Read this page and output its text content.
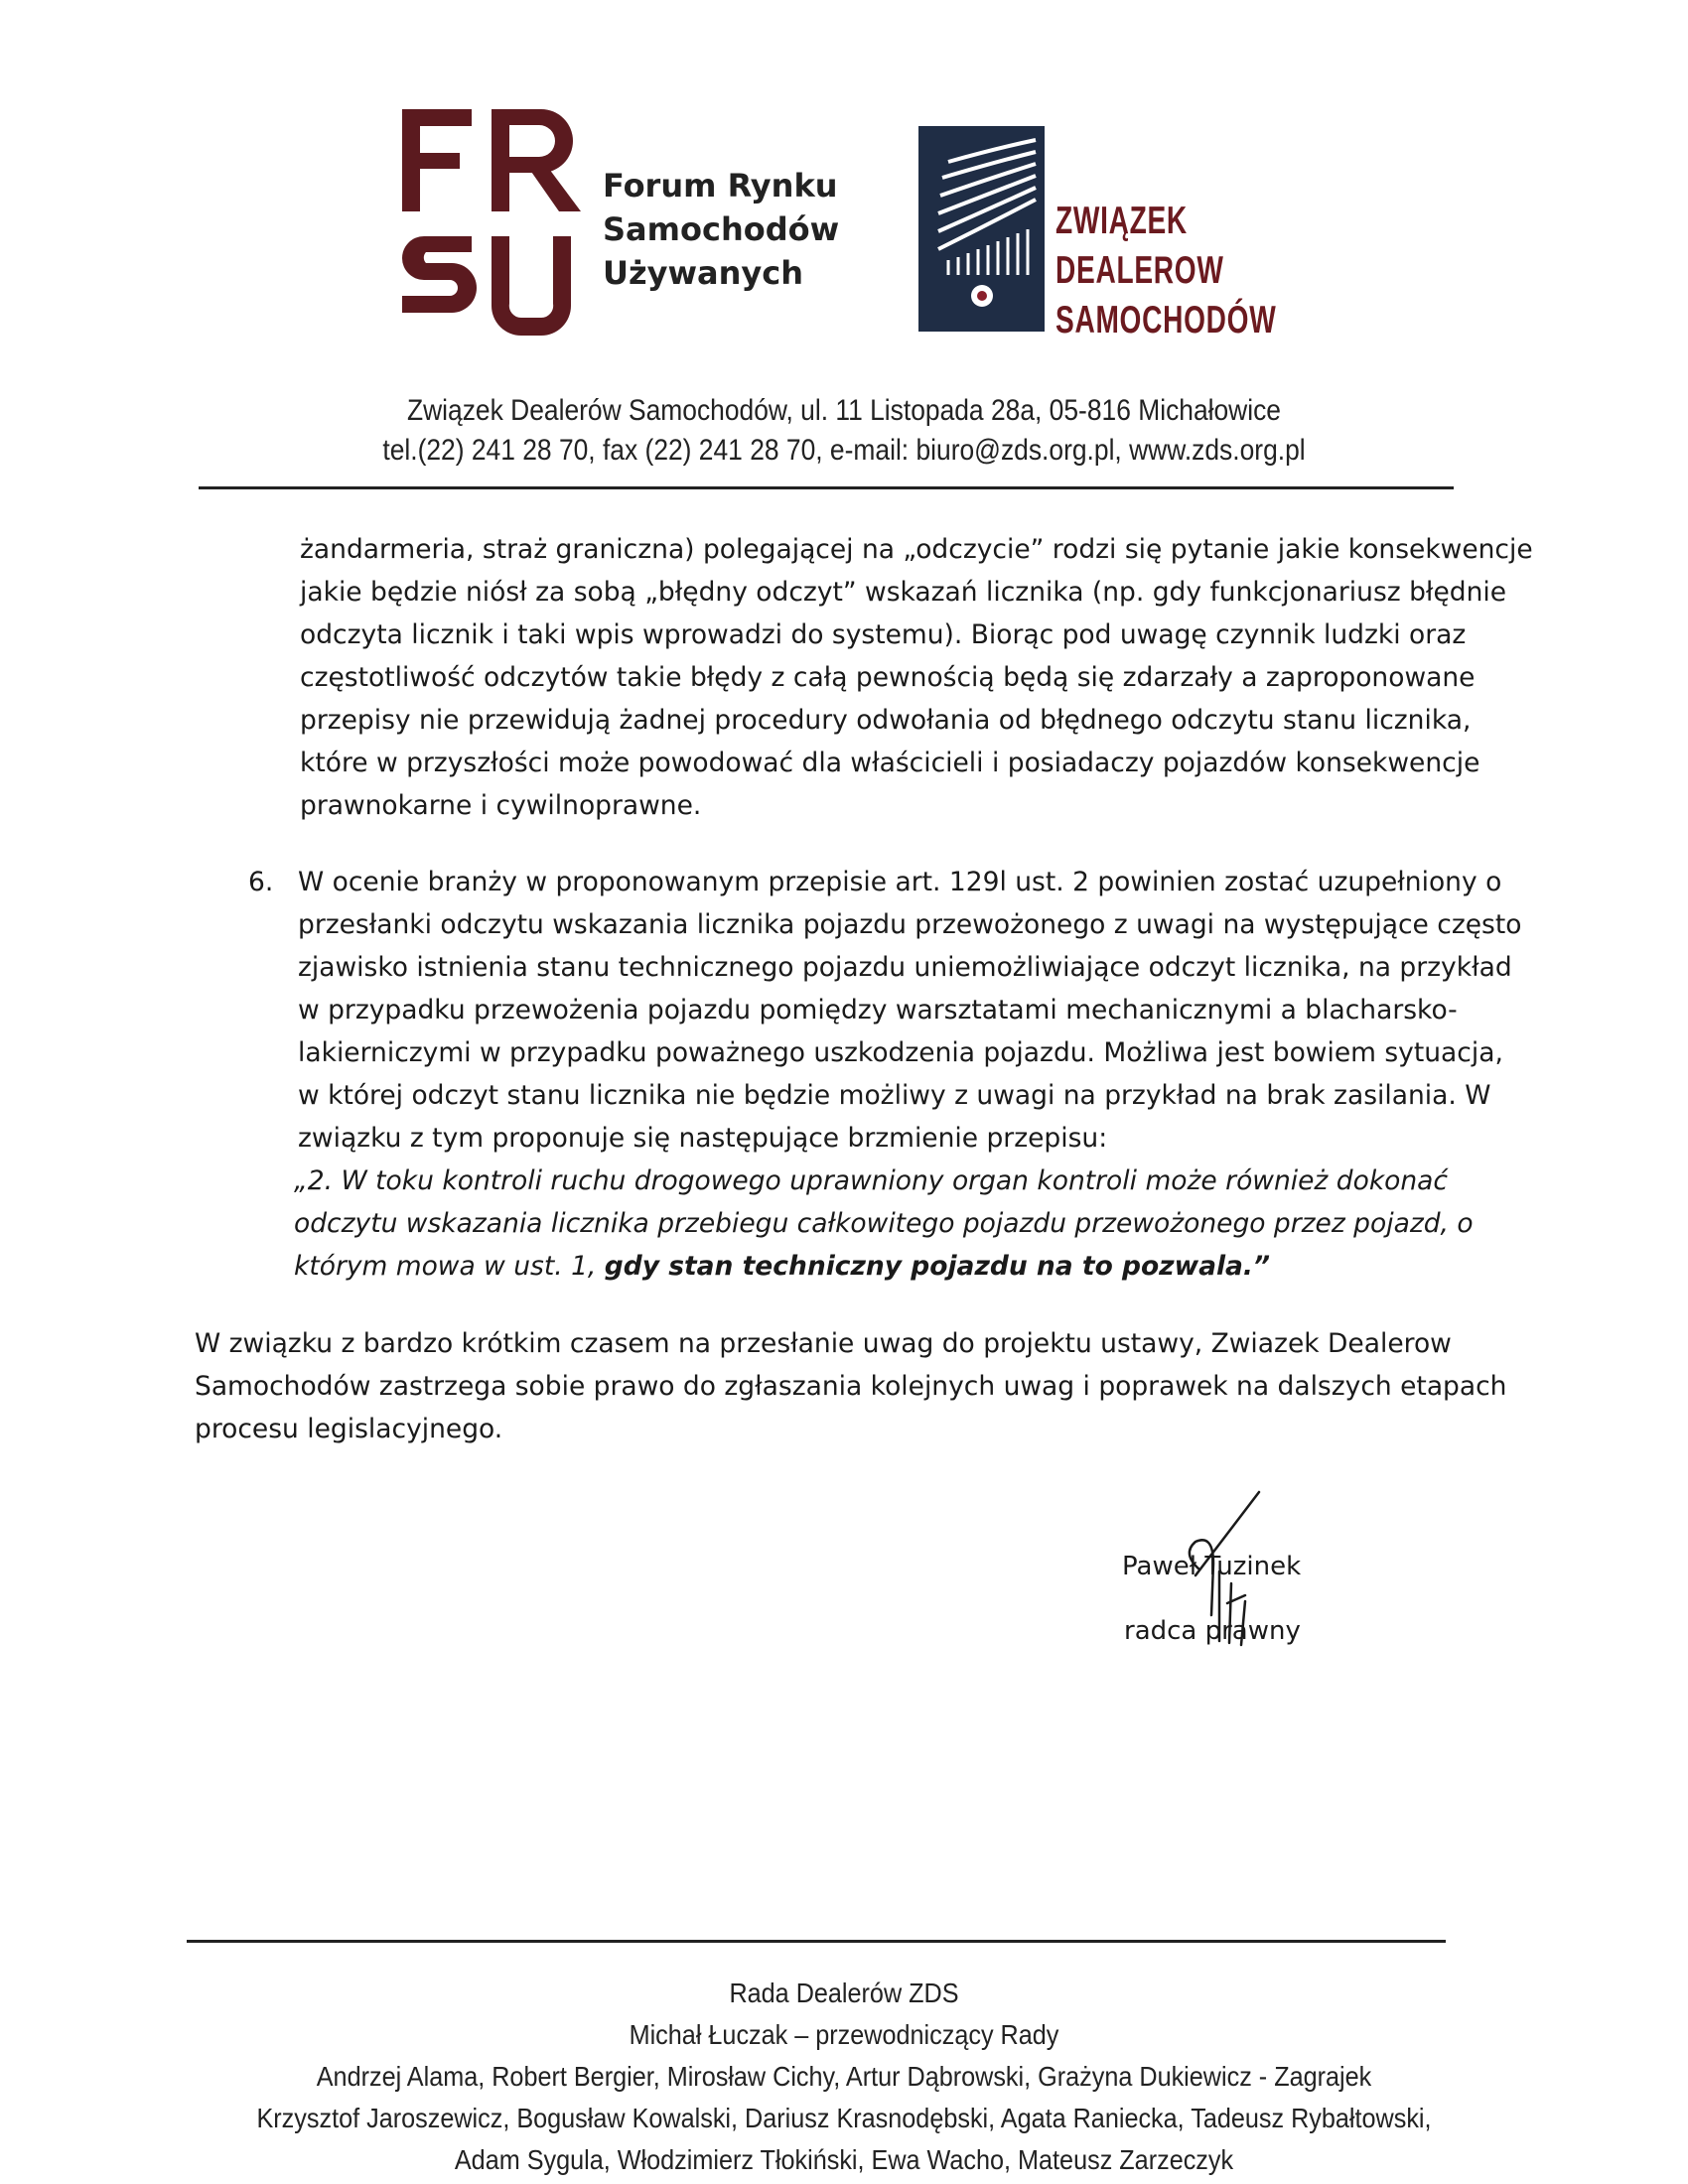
Forum Rynku
Samochodów
Używanych
ZWIĄZEK
DEALEROW
SAMOCHODÓW
Związek Dealerów Samochodów, ul. 11 Listopada 28a, 05-816 Michałowice
tel.(22) 241 28 70, fax (22) 241 28 70, e-mail: biuro@zds.org.pl, www.zds.org.pl
żandarmeria, straż graniczna) polegającej na „odczycie” rodzi się pytanie jakie konsekwencje
jakie będzie niósł za sobą „błędny odczyt” wskazań licznika (np. gdy funkcjonariusz błędnie
odczyta licznik i taki wpis wprowadzi do systemu). Biorąc pod uwagę czynnik ludzki oraz
częstotliwość odczytów takie błędy z całą pewnością będą się zdarzały a zaproponowane
przepisy nie przewidują żadnej procedury odwołania od błędnego odczytu stanu licznika,
które w przyszłości może powodować dla właścicieli i posiadaczy pojazdów konsekwencje
prawnokarne i cywilnoprawne.
6. W ocenie branży w proponowanym przepisie art. 129l ust. 2 powinien zostać uzupełniony o
przesłanki odczytu wskazania licznika pojazdu przewożonego z uwagi na występujące często
zjawisko istnienia stanu technicznego pojazdu uniemożliwiające odczyt licznika, na przykład
w przypadku przewożenia pojazdu pomiędzy warsztatami mechanicznymi a blacharsko-
lakierniczymi w przypadku poważnego uszkodzenia pojazdu. Możliwa jest bowiem sytuacja,
w której odczyt stanu licznika nie będzie możliwy z uwagi na przykład na brak zasilania. W
związku z tym proponuje się następujące brzmienie przepisu:
„2. W toku kontroli ruchu drogowego uprawniony organ kontroli może również dokonać
odczytu wskazania licznika przebiegu całkowitego pojazdu przewożonego przez pojazd, o
którym mowa w ust. 1, gdy stan techniczny pojazdu na to pozwala.”
W związku z bardzo krótkim czasem na przesłanie uwag do projektu ustawy, Zwiazek Dealerow
Samochodów zastrzega sobie prawo do zgłaszania kolejnych uwag i poprawek na dalszych etapach
procesu legislacyjnego.
Paweł Tuzinek
radca prawny
Rada Dealerów ZDS
Michał Łuczak – przewodniczący Rady
Andrzej Alama, Robert Bergier, Mirosław Cichy, Artur Dąbrowski, Grażyna Dukiewicz - Zagrajek
Krzysztof Jaroszewicz, Bogusław Kowalski, Dariusz Krasnodębski, Agata Raniecka, Tadeusz Rybałtowski,
Adam Sygula, Włodzimierz Tłokiński, Ewa Wacho, Mateusz Zarzeczyk
